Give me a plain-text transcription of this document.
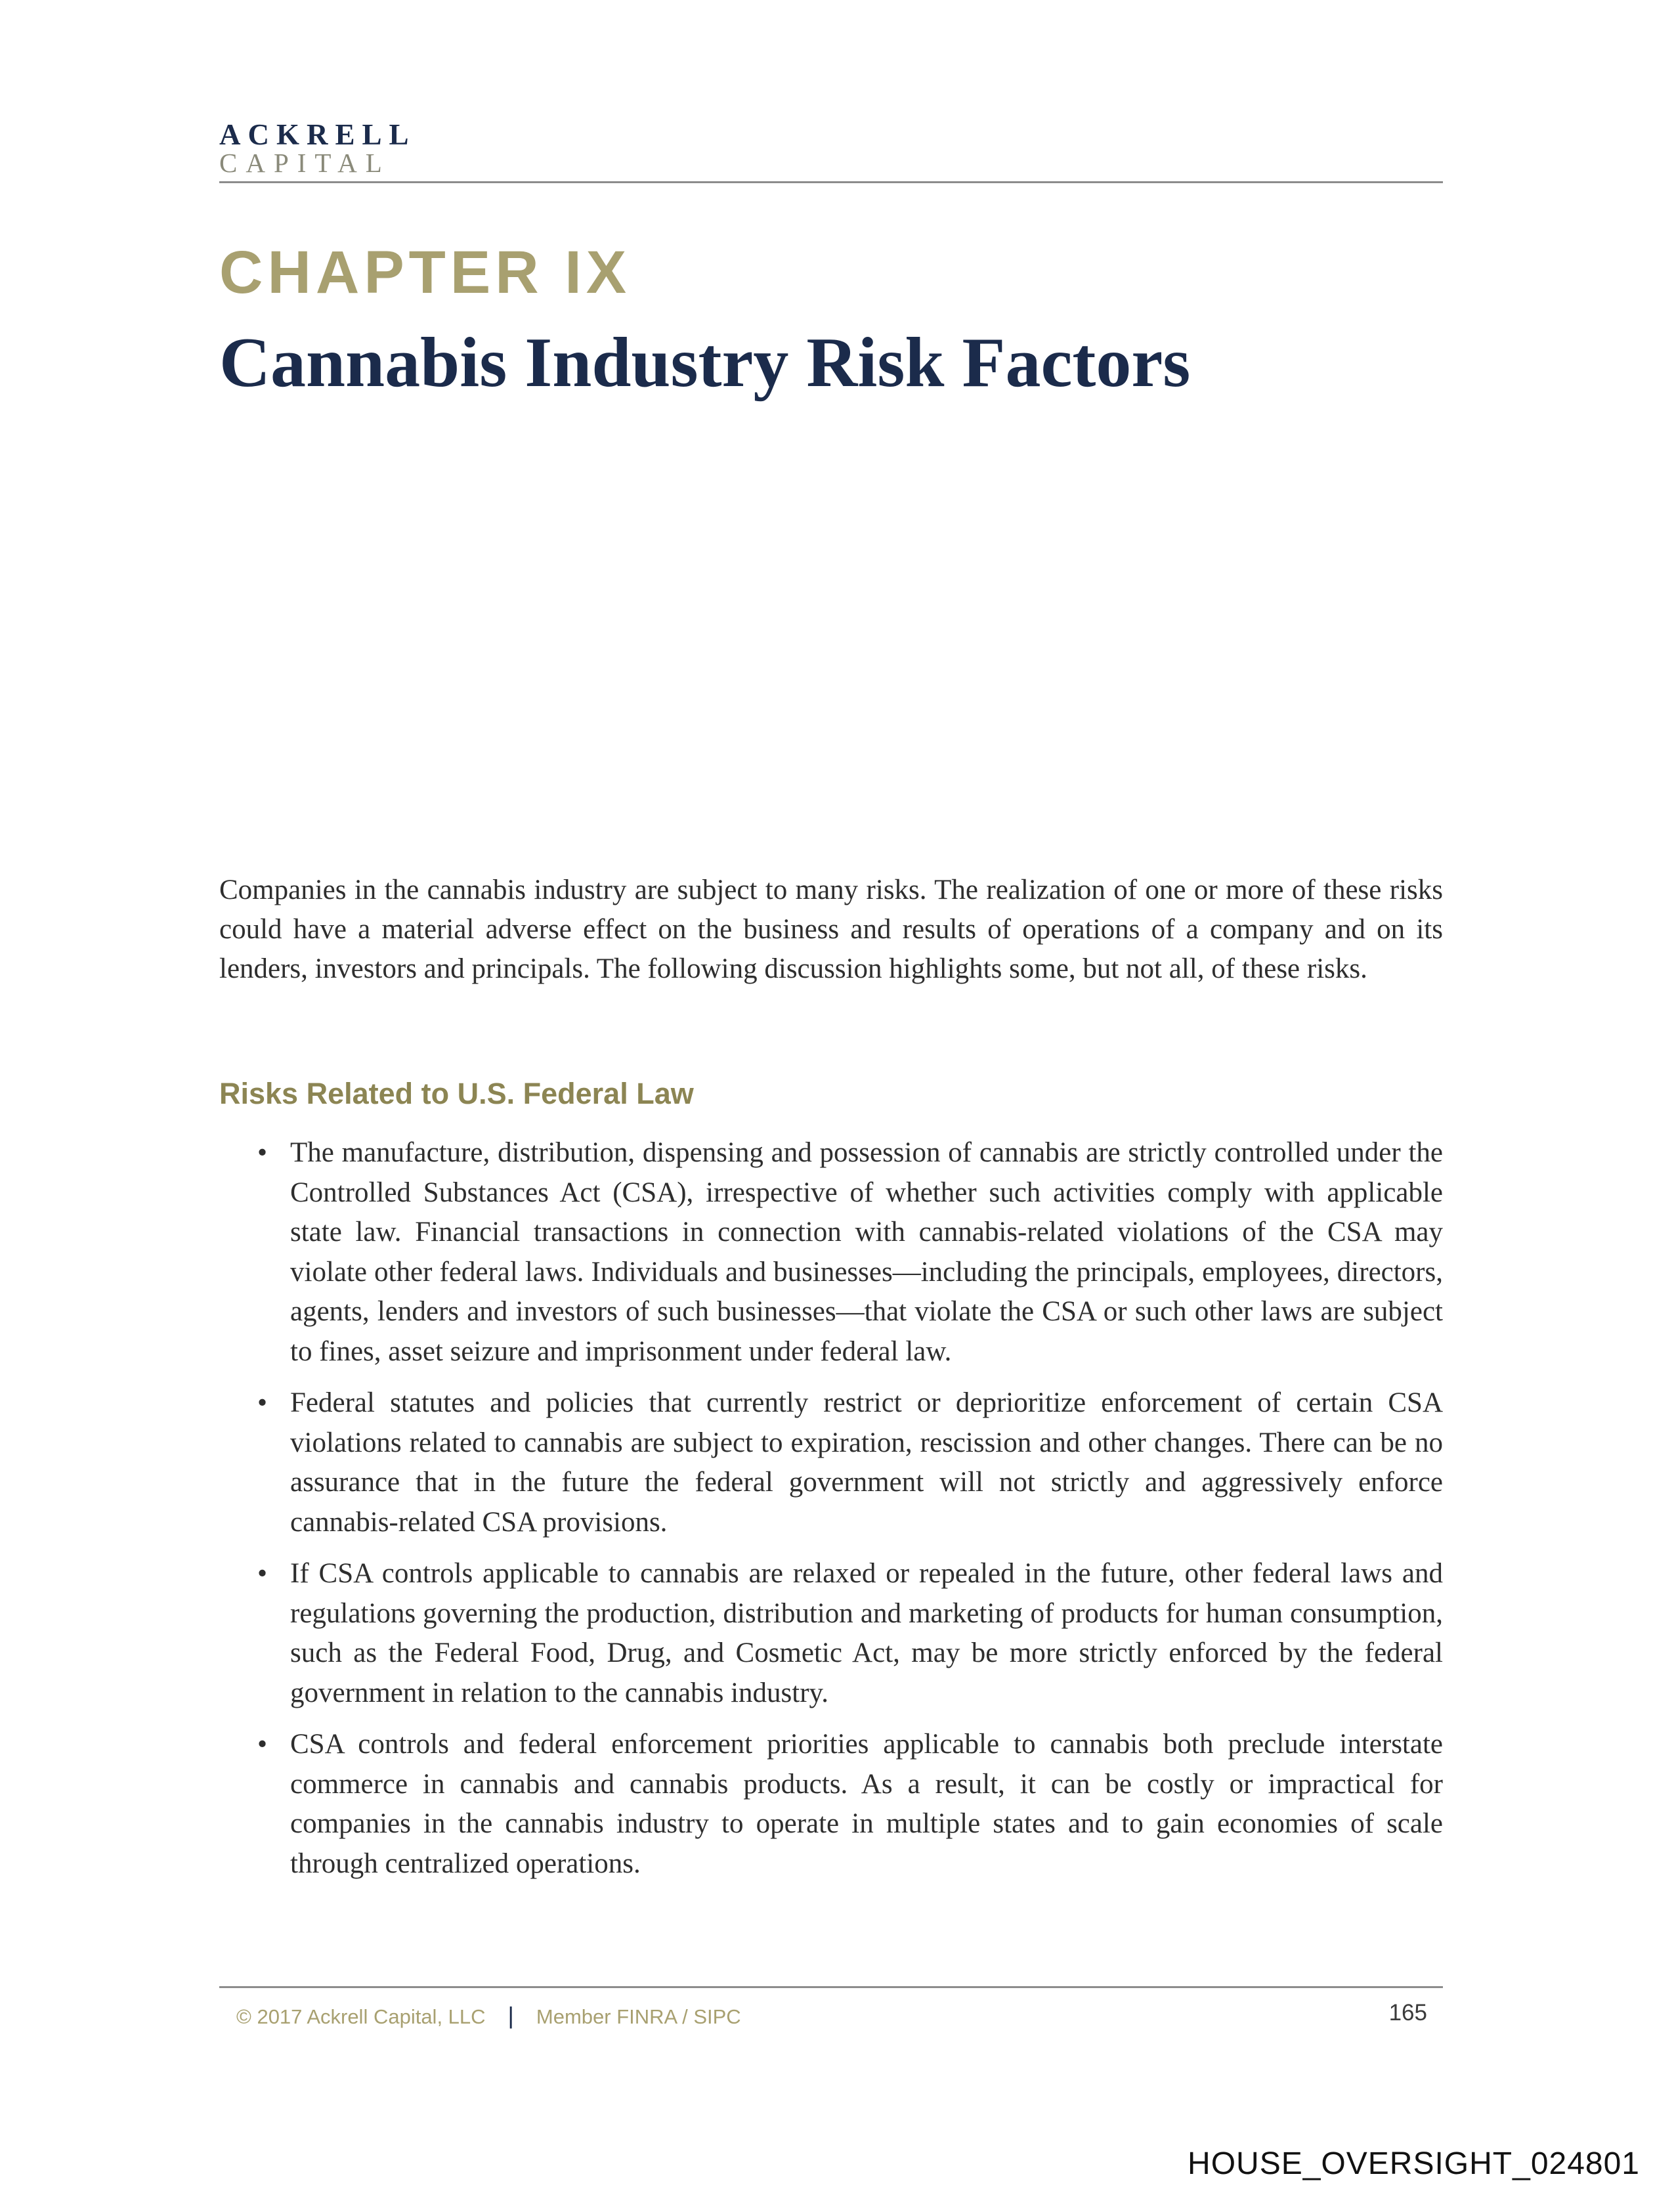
ACKRELL
CAPITAL
CHAPTER IX
Cannabis Industry Risk Factors

Companies in the cannabis industry are subject to many risks. The realization of one or more of these risks could have a material adverse effect on the business and results of operations of a company and on its lenders, investors and principals. The following discussion highlights some, but not all, of these risks.

Risks Related to U.S. Federal Law
• The manufacture, distribution, dispensing and possession of cannabis are strictly controlled under the Controlled Substances Act (CSA), irrespective of whether such activities comply with applicable state law. Financial transactions in connection with cannabis-related violations of the CSA may violate other federal laws. Individuals and businesses—including the principals, employees, directors, agents, lenders and investors of such businesses—that violate the CSA or such other laws are subject to fines, asset seizure and imprisonment under federal law.
• Federal statutes and policies that currently restrict or deprioritize enforcement of certain CSA violations related to cannabis are subject to expiration, rescission and other changes. There can be no assurance that in the future the federal government will not strictly and aggressively enforce cannabis-related CSA provisions.
• If CSA controls applicable to cannabis are relaxed or repealed in the future, other federal laws and regulations governing the production, distribution and marketing of products for human consumption, such as the Federal Food, Drug, and Cosmetic Act, may be more strictly enforced by the federal government in relation to the cannabis industry.
• CSA controls and federal enforcement priorities applicable to cannabis both preclude interstate commerce in cannabis and cannabis products. As a result, it can be costly or impractical for companies in the cannabis industry to operate in multiple states and to gain economies of scale through centralized operations.
© 2017 Ackrell Capital, LLC | Member FINRA / SIPC	165
HOUSE_OVERSIGHT_024801
